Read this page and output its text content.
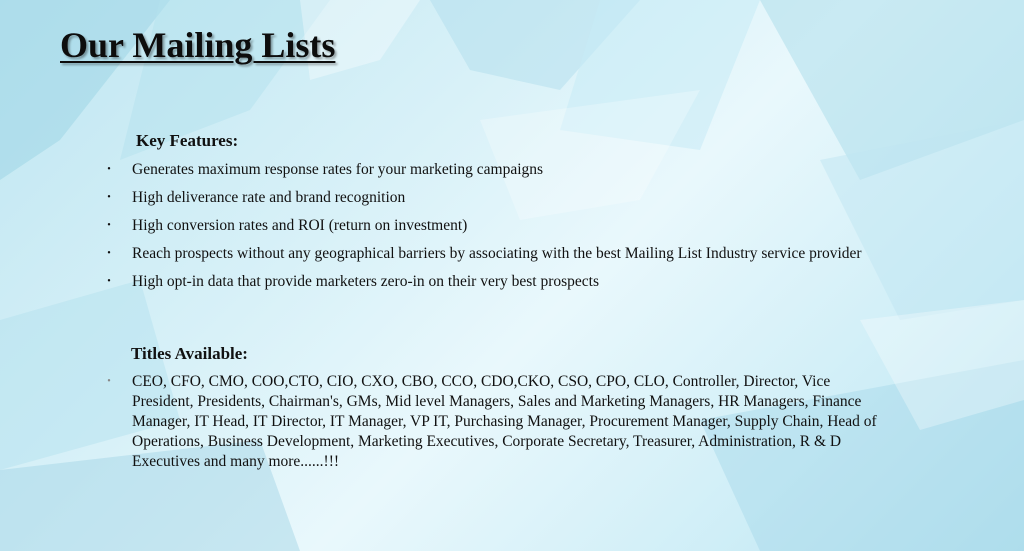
Our Mailing Lists

Key Features:

• Generates maximum response rates for your marketing campaigns
• High deliverance rate and brand recognition
• High conversion rates and ROI (return on investment)
• Reach prospects without any geographical barriers by associating with the best Mailing List Industry service provider
• High opt-in data that provide marketers zero-in on their very best prospects

Titles Available:

• CEO, CFO, CMO, COO,CTO, CIO, CXO, CBO, CCO, CDO,CKO, CSO, CPO, CLO, Controller, Director, Vice President, Presidents, Chairman's, GMs, Mid level Managers, Sales and Marketing Managers, HR Managers, Finance Manager, IT Head, IT Director, IT Manager, VP IT, Purchasing Manager, Procurement Manager, Supply Chain, Head of Operations, Business Development, Marketing Executives, Corporate Secretary, Treasurer, Administration, R & D Executives and many more......!!!
